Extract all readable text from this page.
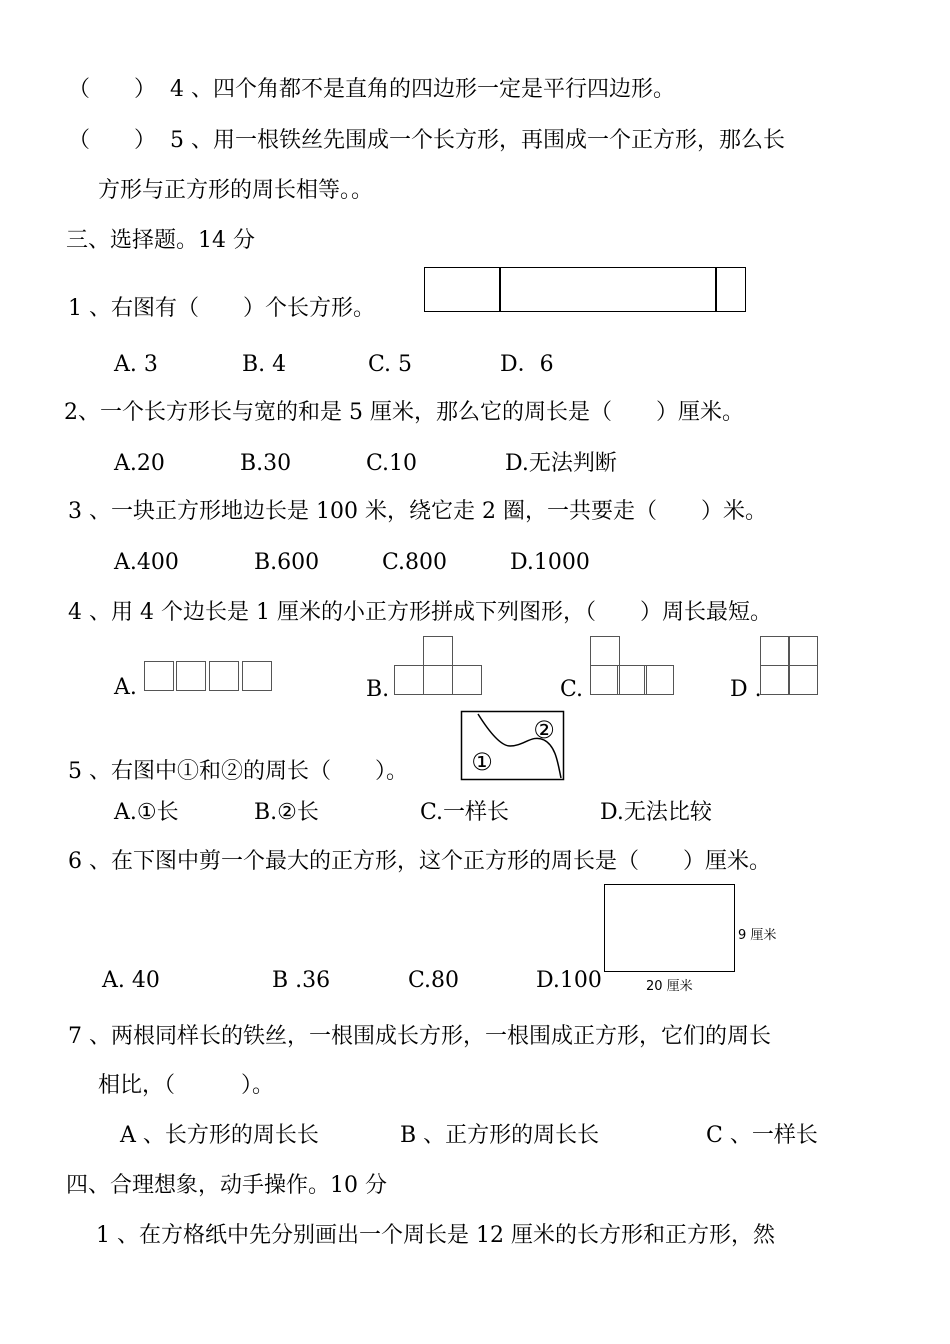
（　　） 4 、四个角都不是直角的四边形一定是平行四边形。
（　　） 5 、用一根铁丝先围成一个长方形，再围成一个正方形，那么长
方形与正方形的周长相等。。
三、选择题。14 分
1 、右图有（　　）个长方形。
A. 3	B. 4	C. 5	D．6
2、一个长方形长与宽的和是 5 厘米，那么它的周长是（　　）厘米。
A.20	B.30	C.10	D.无法判断
3 、一块正方形地边长是 100 米，绕它走 2 圈，一共要走（　　）米。
A.400	B.600	C.800	D.1000
4 、用 4 个边长是 1 厘米的小正方形拼成下列图形，（　　）周长最短。
A.	B.	C.	D .
5 、右图中①和②的周长（　　）。
②
①
A.①长	B.②长	C.一样长	D.无法比较
6 、在下图中剪一个最大的正方形，这个正方形的周长是（　　）厘米。
9 厘米
20 厘米
A. 40	B .36	C.80	D.100
7 、两根同样长的铁丝，一根围成长方形，一根围成正方形，它们的周长
相比，（　　　）。
A 、长方形的周长长	B 、正方形的周长长	C 、一样长
四、合理想象，动手操作。10 分
1 、在方格纸中先分别画出一个周长是 12 厘米的长方形和正方形，然
